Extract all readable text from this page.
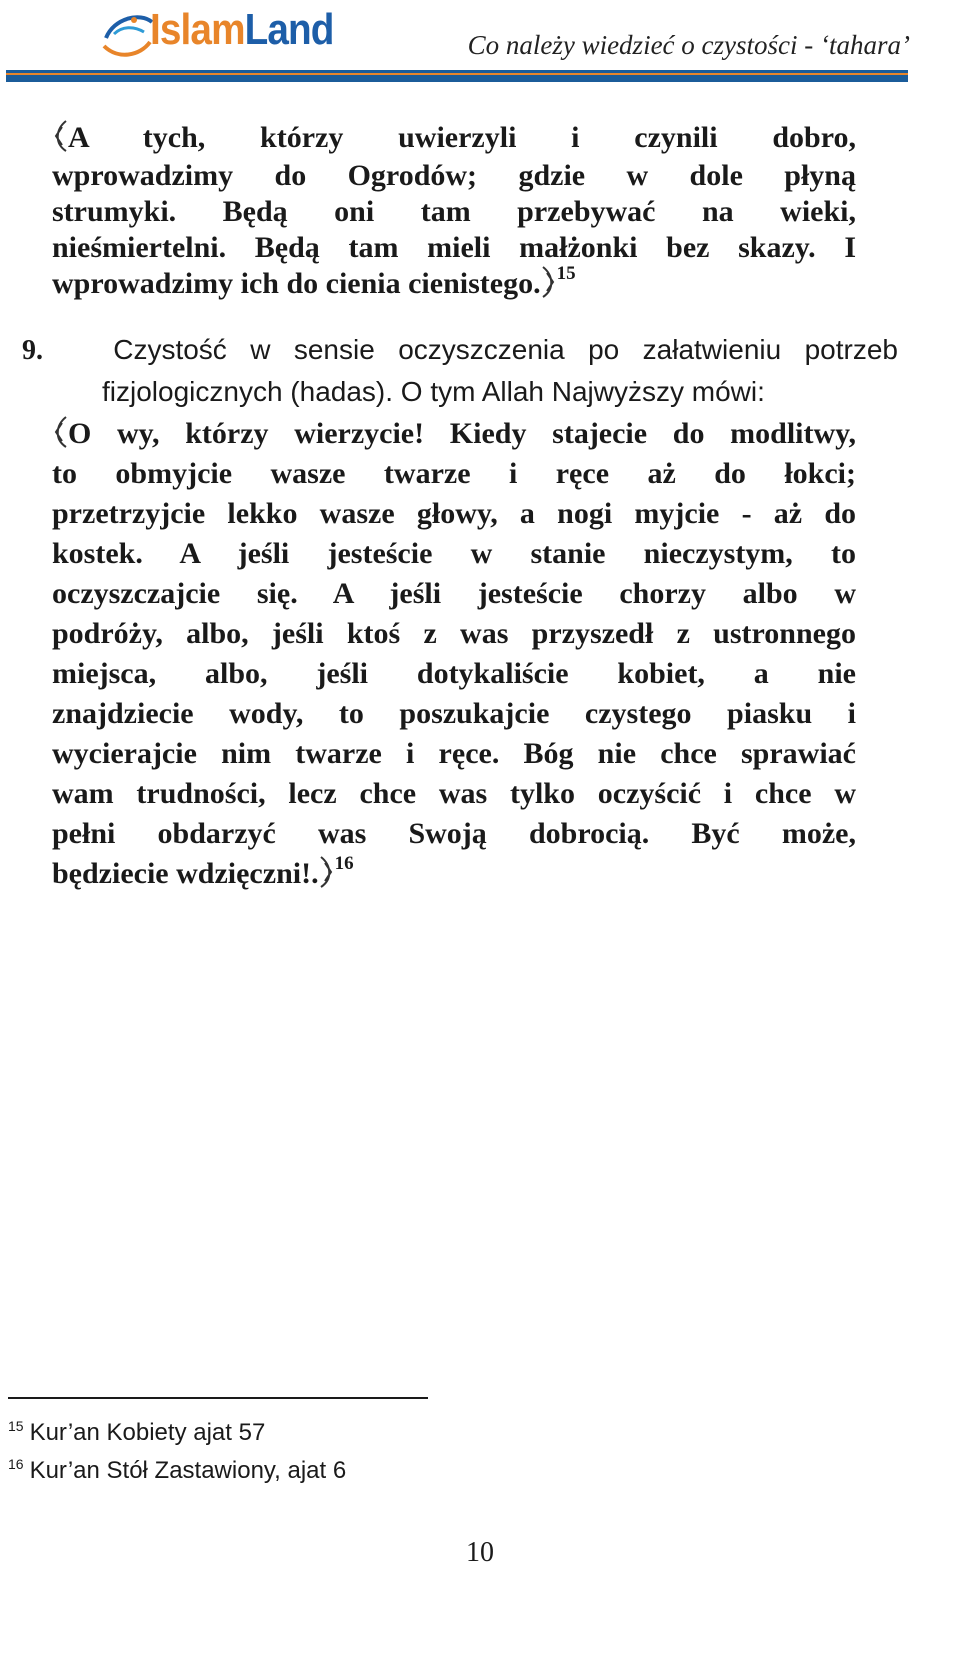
IslamLand	Co należy wiedzieć o czystości - ‘tahara’
A tych, którzy uwierzyli i czynili dobro,
wprowadzimy do Ogrodów; gdzie w dole płyną
strumyki. Będą oni tam przebywać na wieki,
nieśmiertelni. Będą tam mieli małżonki bez skazy. I
wprowadzimy ich do cienia cienistego. $^{15}$
9.	Czystość w sensie oczyszczenia po załatwieniu potrzeb
fizjologicznych (hadas). O tym Allah Najwyższy mówi:
O wy, którzy wierzycie! Kiedy stajecie do modlitwy,
to obmyjcie wasze twarze i ręce aż do łokci;
przetrzyjcie lekko wasze głowy, a nogi myjcie - aż do
kostek. A jeśli jesteście w stanie nieczystym, to
oczyszczajcie się. A jeśli jesteście chorzy albo w
podróży, albo, jeśli ktoś z was przyszedł z ustronnego
miejsca, albo, jeśli dotykaliście kobiet, a nie
znajdziecie wody, to poszukajcie czystego piasku i
wycierajcie nim twarze i ręce. Bóg nie chce sprawiać
wam trudności, lecz chce was tylko oczyścić i chce w
pełni obdarzyć was Swoją dobrocią. Być może,
będziecie wdzięczni!. $^{16}$
$^{15}$ Kur’an Kobiety ajat 57
$^{16}$ Kur’an Stół Zastawiony, ajat 6
10
